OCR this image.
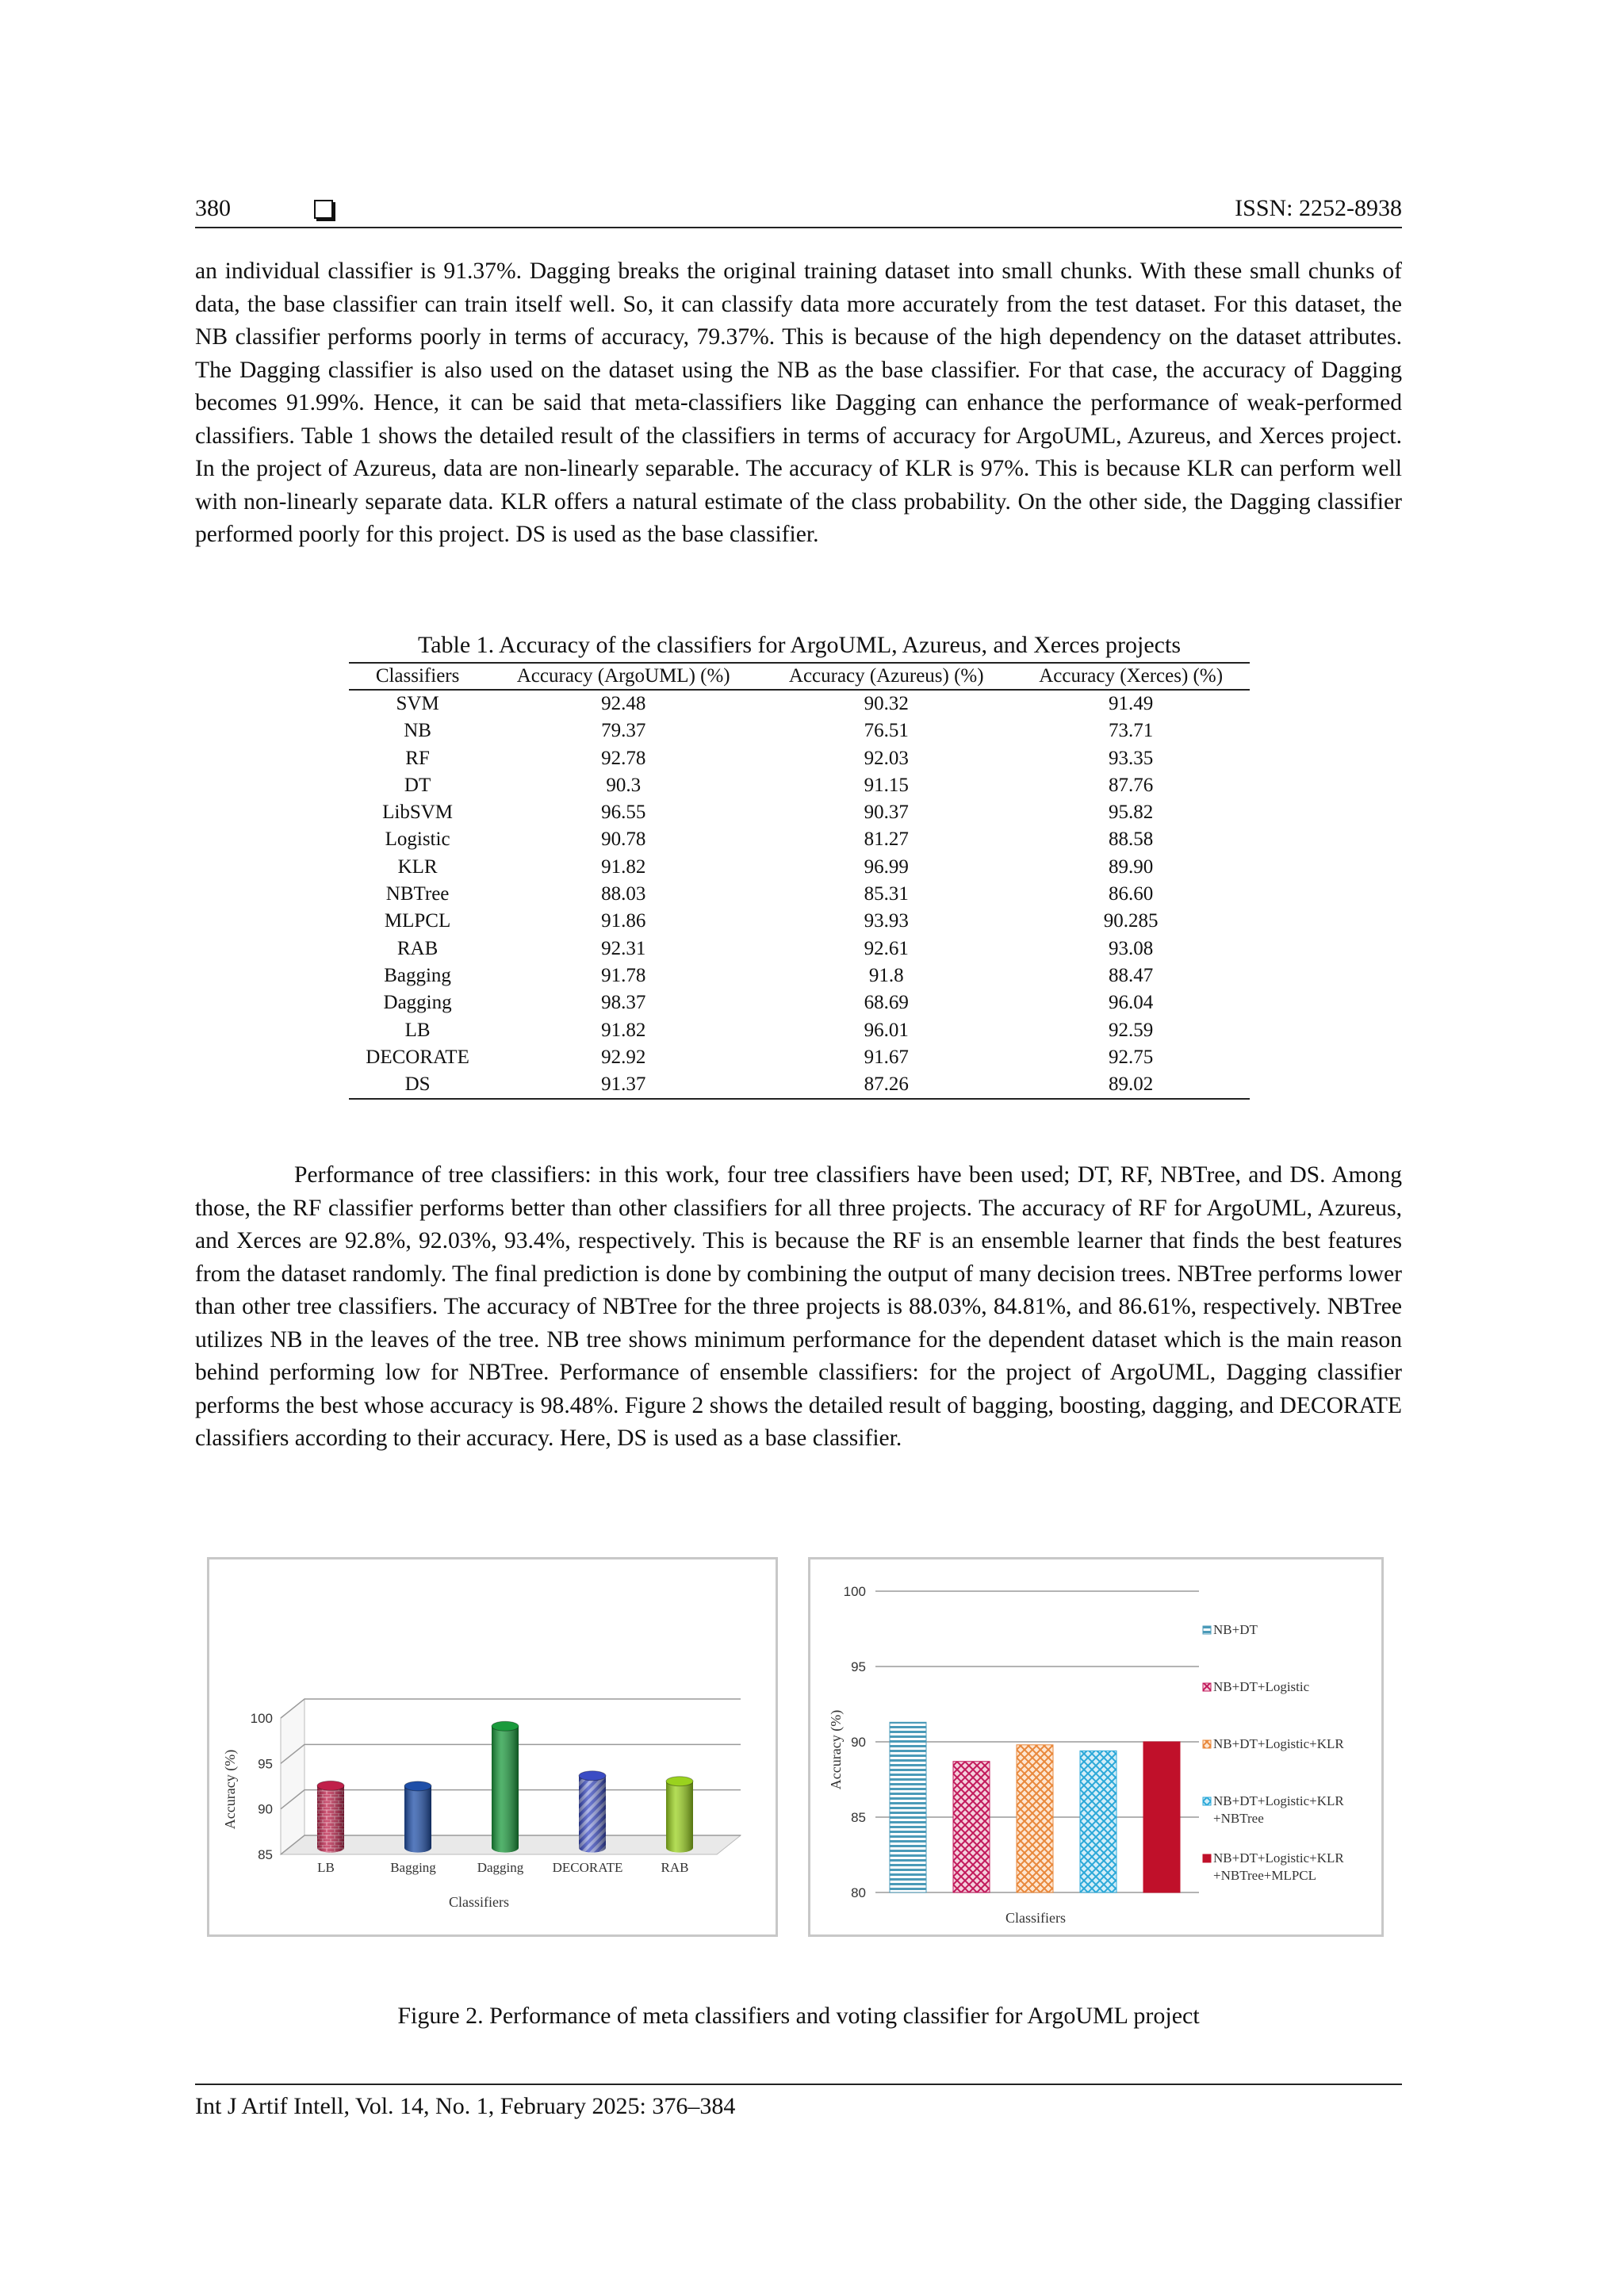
380	ISSN: 2252-8938

an individual classifier is 91.37%. Dagging breaks the original training dataset into small chunks. With these small chunks of data, the base classifier can train itself well. So, it can classify data more accurately from the test dataset. For this dataset, the NB classifier performs poorly in terms of accuracy, 79.37%. This is because of the high dependency on the dataset attributes. The Dagging classifier is also used on the dataset using the NB as the base classifier. For that case, the accuracy of Dagging becomes 91.99%. Hence, it can be said that meta-classifiers like Dagging can enhance the performance of weak-performed classifiers. Table 1 shows the detailed result of the classifiers in terms of accuracy for ArgoUML, Azureus, and Xerces project. In the project of Azureus, data are non-linearly separable. The accuracy of KLR is 97%. This is because KLR can perform well with non-linearly separate data. KLR offers a natural estimate of the class probability. On the other side, the Dagging classifier performed poorly for this project. DS is used as the base classifier.

Table 1. Accuracy of the classifiers for ArgoUML, Azureus, and Xerces projects
Classifiers	Accuracy (ArgoUML) (%)	Accuracy (Azureus) (%)	Accuracy (Xerces) (%)
SVM	92.48	90.32	91.49
NB	79.37	76.51	73.71
RF	92.78	92.03	93.35
DT	90.3	91.15	87.76
LibSVM	96.55	90.37	95.82
Logistic	90.78	81.27	88.58
KLR	91.82	96.99	89.90
NBTree	88.03	85.31	86.60
MLPCL	91.86	93.93	90.285
RAB	92.31	92.61	93.08
Bagging	91.78	91.8	88.47
Dagging	98.37	68.69	96.04
LB	91.82	96.01	92.59
DECORATE	92.92	91.67	92.75
DS	91.37	87.26	89.02

Performance of tree classifiers: in this work, four tree classifiers have been used; DT, RF, NBTree, and DS. Among those, the RF classifier performs better than other classifiers for all three projects. The accuracy of RF for ArgoUML, Azureus, and Xerces are 92.8%, 92.03%, 93.4%, respectively. This is because the RF is an ensemble learner that finds the best features from the dataset randomly. The final prediction is done by combining the output of many decision trees. NBTree performs lower than other tree classifiers. The accuracy of NBTree for the three projects is 88.03%, 84.81%, and 86.61%, respectively. NBTree utilizes NB in the leaves of the tree. NB tree shows minimum performance for the dependent dataset which is the main reason behind performing low for NBTree. Performance of ensemble classifiers: for the project of ArgoUML, Dagging classifier performs the best whose accuracy is 98.48%. Figure 2 shows the detailed result of bagging, boosting, dagging, and DECORATE classifiers according to their accuracy. Here, DS is used as a base classifier.

85
90
95
100
LB	Bagging	Dagging DECORATE	RAB
Classifiers
Accuracy (%)
80
85
90
95
100
Classifiers
Accuracy (%)
NB+DT
NB+DT+Logistic
NB+DT+Logistic+KLR
NB+DT+Logistic+KLR
+NBTree
NB+DT+Logistic+KLR
+NBTree+MLPCL
Figure 2. Performance of meta classifiers and voting classifier for ArgoUML project
Int J Artif Intell, Vol. 14, No. 1, February 2025: 376–384
